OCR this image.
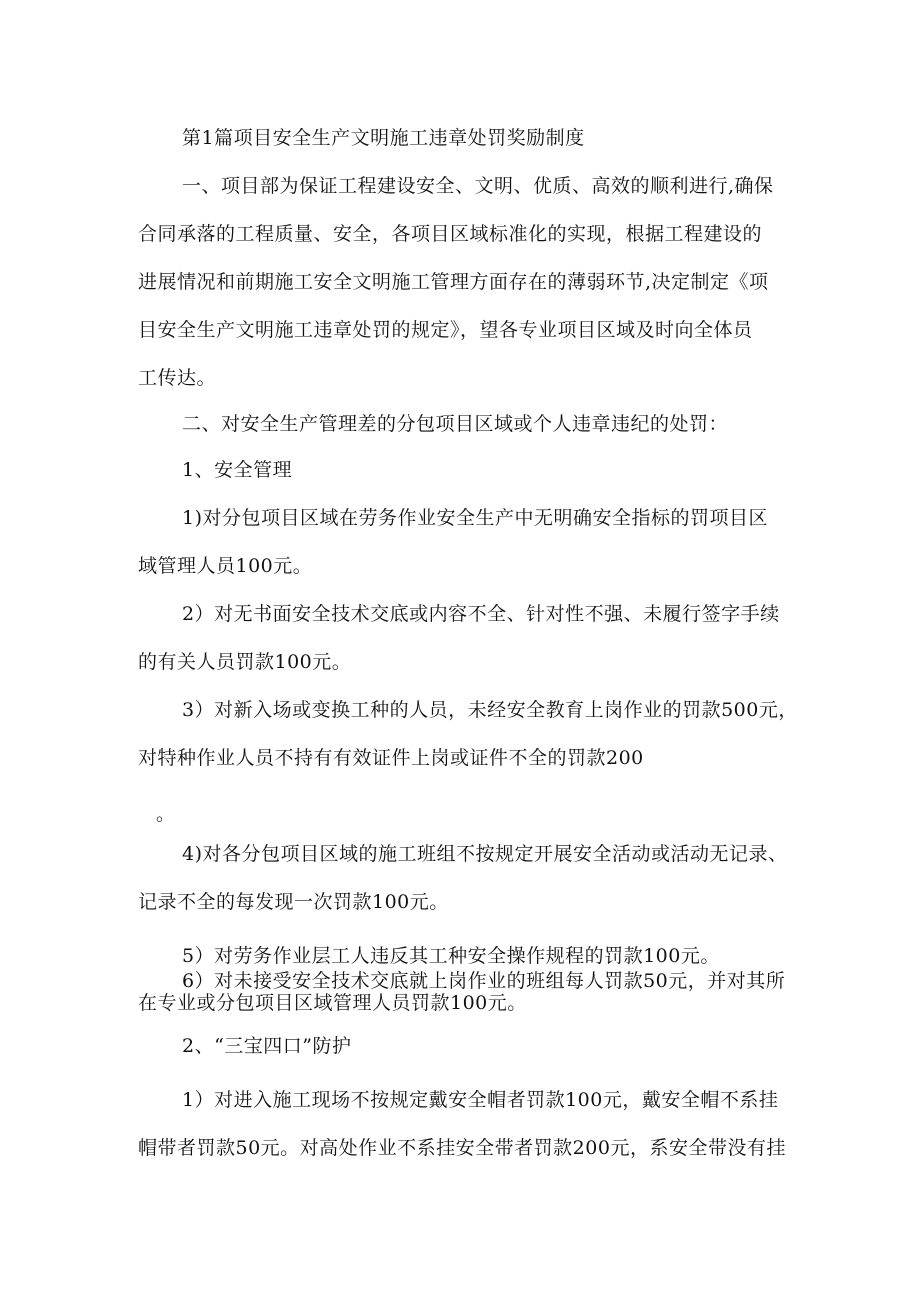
第1篇项目安全生产文明施工违章处罚奖励制度

一、项目部为保证工程建设安全、文明、优质、高效的顺利进行,确保
合同承落的工程质量、安全，各项目区域标准化的实现，根据工程建设的
进展情况和前期施工安全文明施工管理方面存在的薄弱环节,决定制定《项
目安全生产文明施工违章处罚的规定》，望各专业项目区域及时向全体员
工传达。

二、对安全生产管理差的分包项目区域或个人违章违纪的处罚：

1、安全管理

1)对分包项目区域在劳务作业安全生产中无明确安全指标的罚项目区
域管理人员100元。

2）对无书面安全技术交底或内容不全、针对性不强、未履行签字手续
的有关人员罚款100元。

3）对新入场或变换工种的人员，未经安全教育上岗作业的罚款500元，
对特种作业人员不持有有效证件上岗或证件不全的罚款200

。

4)对各分包项目区域的施工班组不按规定开展安全活动或活动无记录、
记录不全的每发现一次罚款100元。

5）对劳务作业层工人违反其工种安全操作规程的罚款100元。

6）对未接受安全技术交底就上岗作业的班组每人罚款50元，并对其所
在专业或分包项目区域管理人员罚款100元。

2、“三宝四口”防护

1）对进入施工现场不按规定戴安全帽者罚款100元，戴安全帽不系挂
帽带者罚款50元。对高处作业不系挂安全带者罚款200元，系安全带没有挂
